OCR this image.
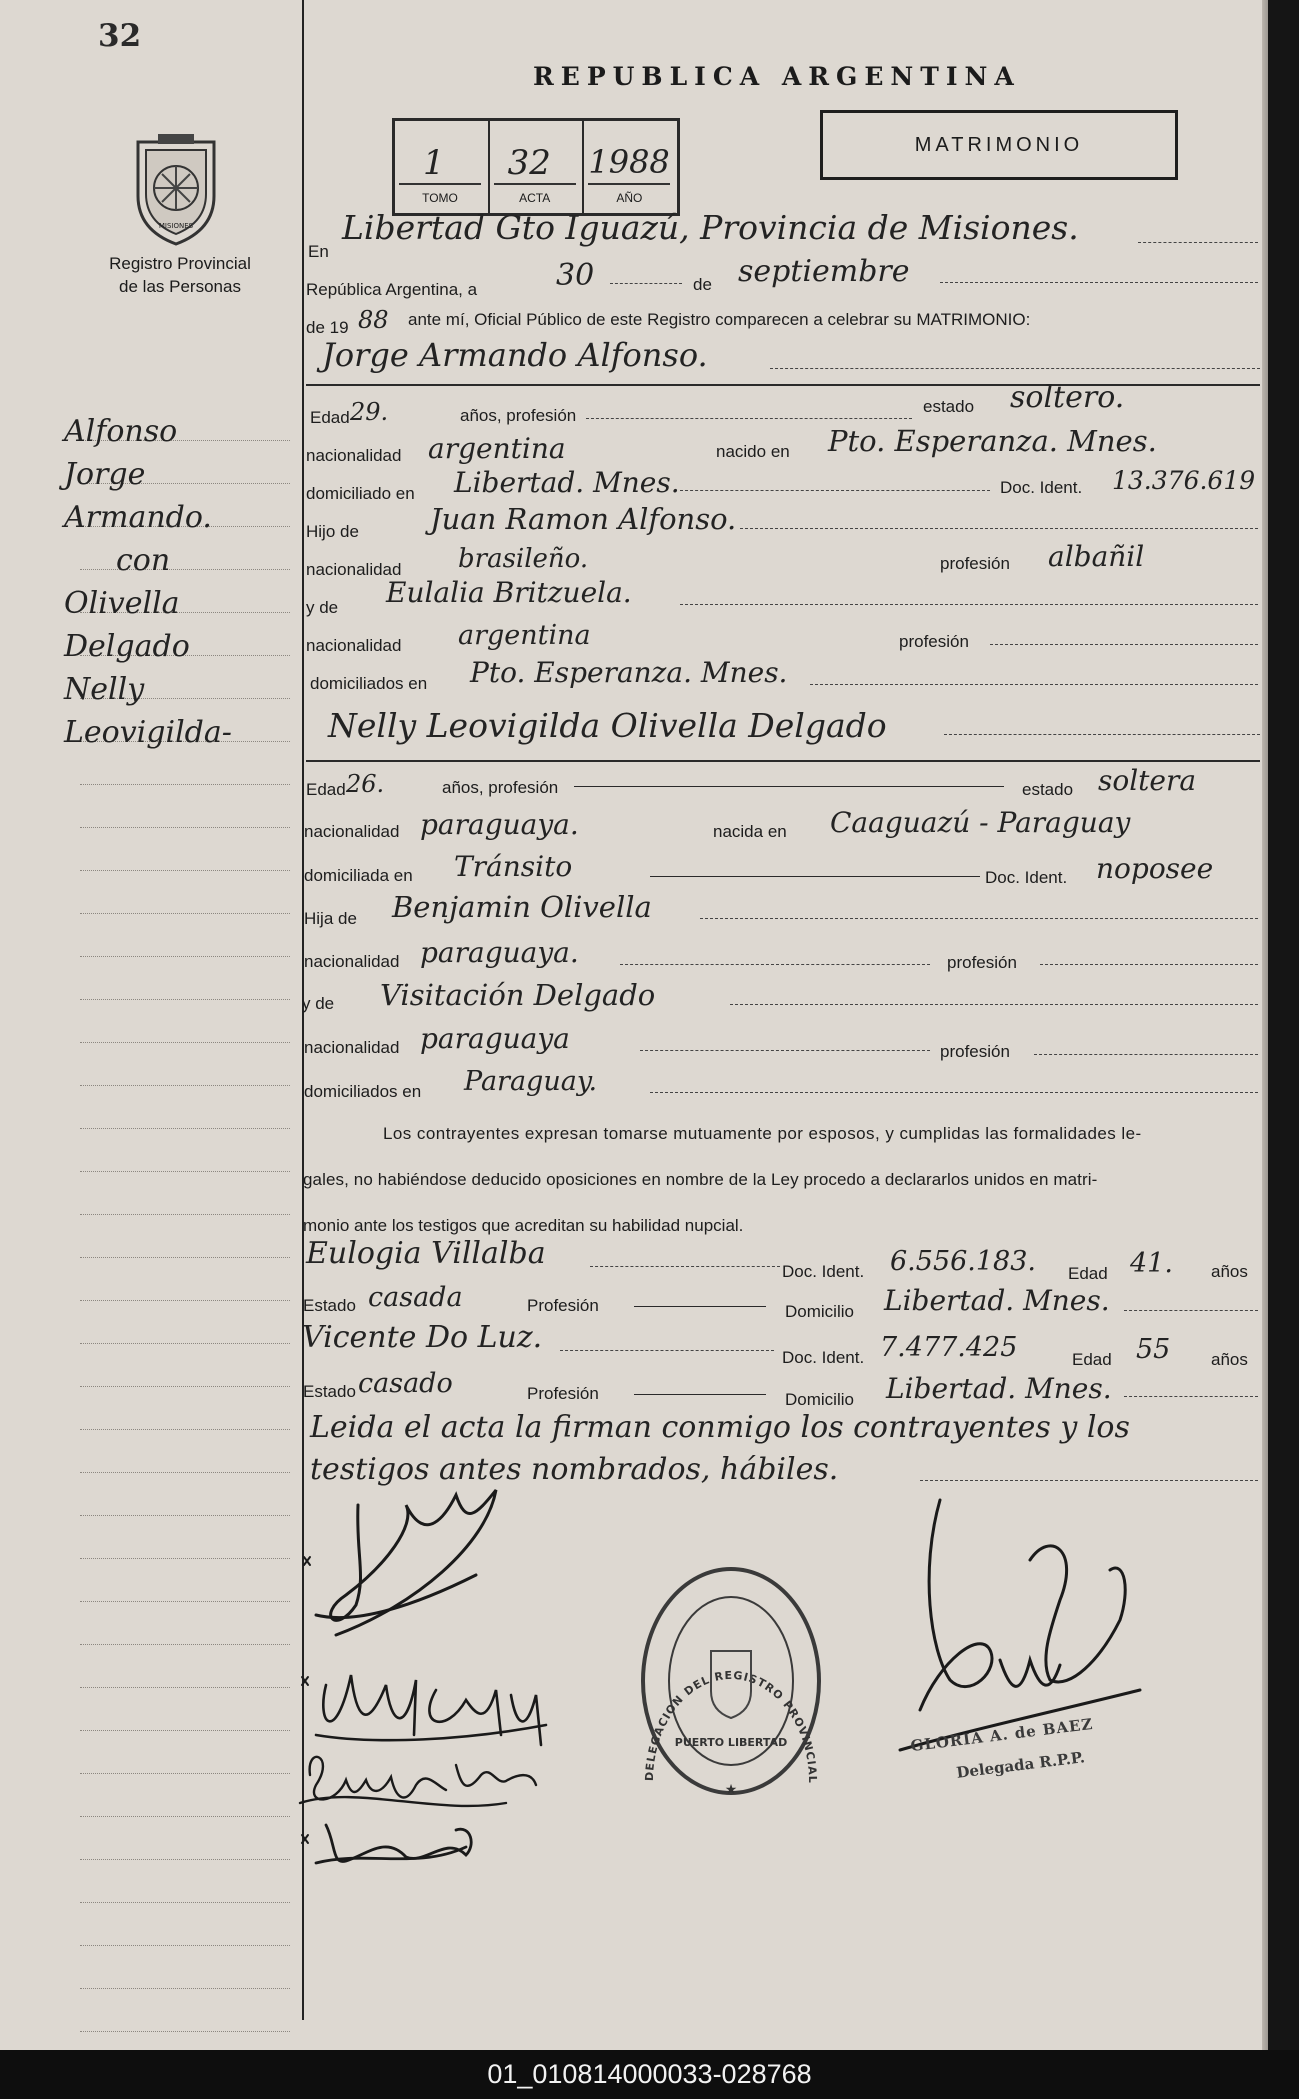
32
MISIONES
Registro Provincial
de las Personas
Alfonso
Jorge
Armando.
con
Olivella
Delgado
Nelly
Leovigilda-
REPUBLICA ARGENTINA
1
TOMO
32
ACTA
1988
AÑO
MATRIMONIO
En
Libertad Gto Iguazú, Provincia de Misiones.
República Argentina, a	30	de septiembre
de 19 88 ante mí, Oficial Público de este Registro comparecen a celebrar su MATRIMONIO:
Jorge Armando Alfonso.
Edad 29.	años, profesión	estado soltero.
nacionalidad argentina	nacido en Pto. Esperanza. Mnes.
domiciliado en Libertad. Mnes.	Doc. Ident. 13.376.619
Hijo de Juan Ramon Alfonso.
nacionalidad brasileño.	profesión albañil
y de Eulalia Britzuela.
nacionalidad argentina	profesión
domiciliados en Pto. Esperanza. Mnes.
Nelly Leovigilda Olivella Delgado
Edad 26.	años, profesión	estado soltera
nacionalidad paraguaya.	nacida en Caaguazú - Paraguay
domiciliada en Tránsito	Doc. Ident. noposee
Hija de Benjamin Olivella
nacionalidad paraguaya.	profesión
y de Visitación Delgado
nacionalidad paraguaya	profesión
domiciliados en Paraguay.
Los contrayentes expresan tomarse mutuamente por esposos, y cumplidas las formalidades le-
gales, no habiéndose deducido oposiciones en nombre de la Ley procedo a declararlos unidos en matri-
monio ante los testigos que acreditan su habilidad nupcial.
Eulogia Villalba
Doc. Ident. 6.556.183. Edad 41. años
Estado casada	Profesión	Domicilio Libertad. Mnes.
Vicente Do Luz.
Doc. Ident. 7.477.425	Edad 55 años
Estado casado	Profesión	Domicilio Libertad. Mnes.
Leida el acta la firman conmigo los contrayentes y los
testigos antes nombrados, hábiles.
DELEGACION DEL REGISTRO PROVINCIAL
PUERTO LIBERTAD
★
GLORIA A. de BAEZ
Delegada R.P.P.
01_010814000033-028768
